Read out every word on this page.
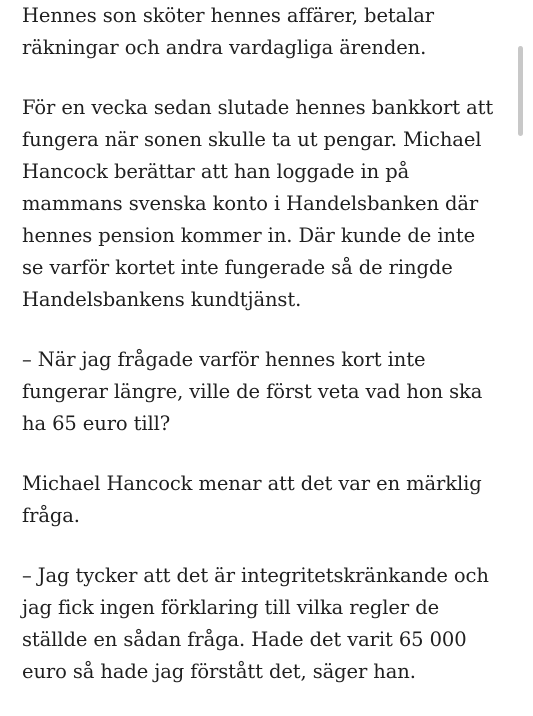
Hennes son sköter hennes affärer, betalar
räkningar och andra vardagliga ärenden.

För en vecka sedan slutade hennes bankkort att
fungera när sonen skulle ta ut pengar. Michael
Hancock berättar att han loggade in på
mammans svenska konto i Handelsbanken där
hennes pension kommer in. Där kunde de inte
se varför kortet inte fungerade så de ringde
Handelsbankens kundtjänst.

– När jag frågade varför hennes kort inte
fungerar längre, ville de först veta vad hon ska
ha 65 euro till?

Michael Hancock menar att det var en märklig
fråga.

– Jag tycker att det är integritetskränkande och
jag fick ingen förklaring till vilka regler de
ställde en sådan fråga. Hade det varit 65 000
euro så hade jag förstått det, säger han.
